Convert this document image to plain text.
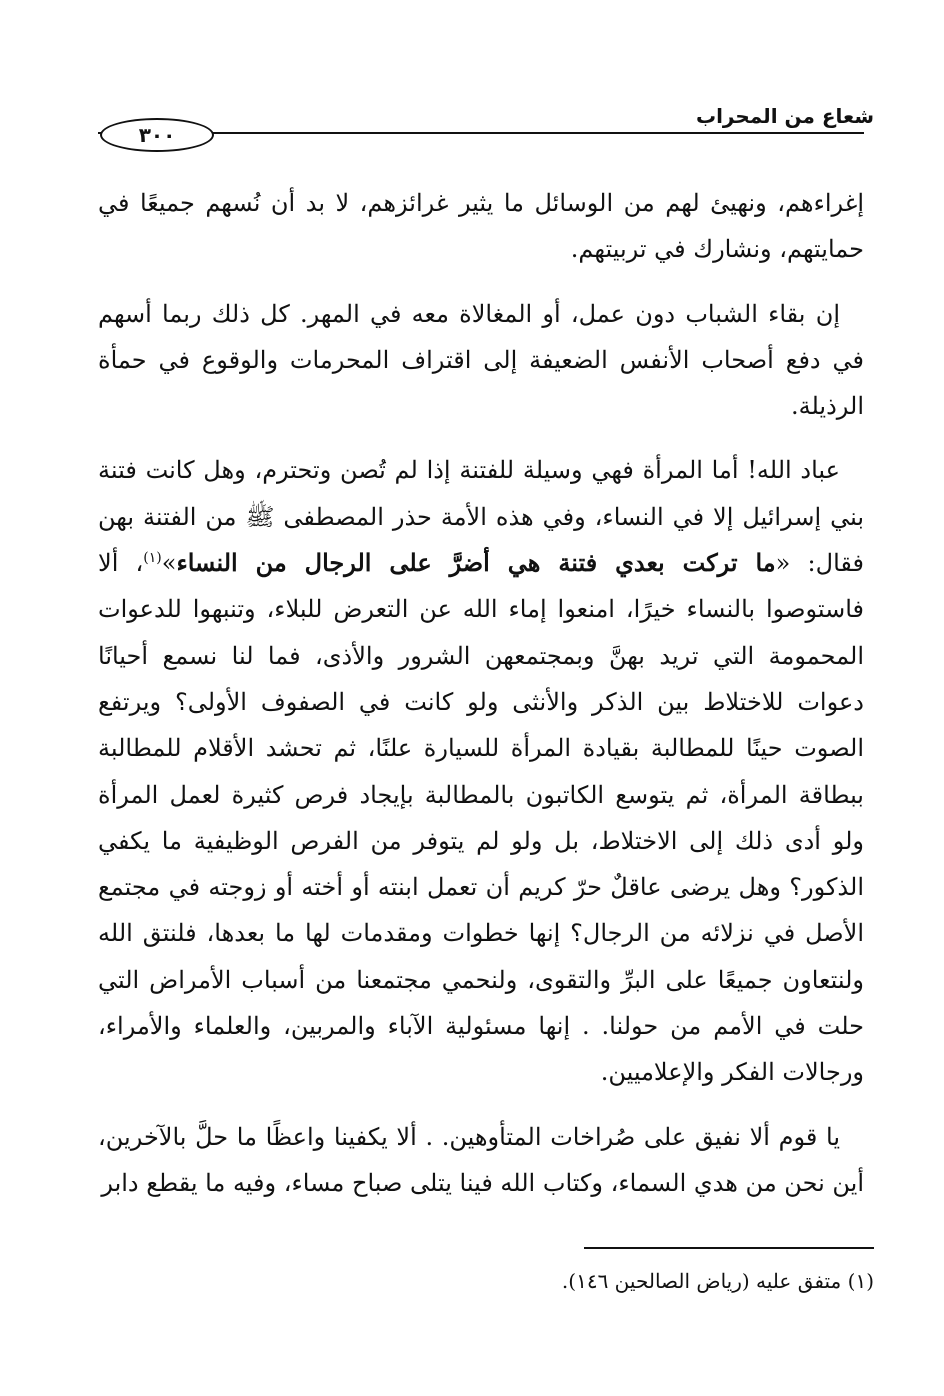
شعاع من المحراب
٣٠٠

إغراءهم، ونهيئ لهم من الوسائل ما يثير غرائزهم، لا بد أن نُسهم جميعًا في حمايتهم، ونشارك في تربيتهم.

إن بقاء الشباب دون عمل، أو المغالاة معه في المهر. كل ذلك ربما أسهم في دفع أصحاب الأنفس الضعيفة إلى اقتراف المحرمات والوقوع في حمأة الرذيلة.

عباد الله! أما المرأة فهي وسيلة للفتنة إذا لم تُصن وتحترم، وهل كانت فتنة بني إسرائيل إلا في النساء، وفي هذه الأمة حذر المصطفى ﷺ من الفتنة بهن فقال: «ما تركت بعدي فتنة هي أضرَّ على الرجال من النساء»$^{(١)}$، ألا فاستوصوا بالنساء خيرًا، امنعوا إماء الله عن التعرض للبلاء، وتنبهوا للدعوات المحمومة التي تريد بهنَّ وبمجتمعهن الشرور والأذى، فما لنا نسمع أحيانًا دعوات للاختلاط بين الذكر والأنثى ولو كانت في الصفوف الأولى؟ ويرتفع الصوت حينًا للمطالبة بقيادة المرأة للسيارة علنًا، ثم تحشد الأقلام للمطالبة ببطاقة المرأة، ثم يتوسع الكاتبون بالمطالبة بإيجاد فرص كثيرة لعمل المرأة ولو أدى ذلك إلى الاختلاط، بل ولو لم يتوفر من الفرص الوظيفية ما يكفي الذكور؟ وهل يرضى عاقلٌ حرّ كريم أن تعمل ابنته أو أخته أو زوجته في مجتمع الأصل في نزلائه من الرجال؟ إنها خطوات ومقدمات لها ما بعدها، فلنتق الله ولنتعاون جميعًا على البرِّ والتقوى، ولنحمي مجتمعنا من أسباب الأمراض التي حلت في الأمم من حولنا. . إنها مسئولية الآباء والمربين، والعلماء والأمراء، ورجالات الفكر والإعلاميين.

يا قوم ألا نفيق على صُراخات المتأوهين. . ألا يكفينا واعظًا ما حلَّ بالآخرين، أين نحن من هدي السماء، وكتاب الله فينا يتلى صباح مساء، وفيه ما يقطع دابر

(١) متفق عليه (رياض الصالحين ١٤٦).
